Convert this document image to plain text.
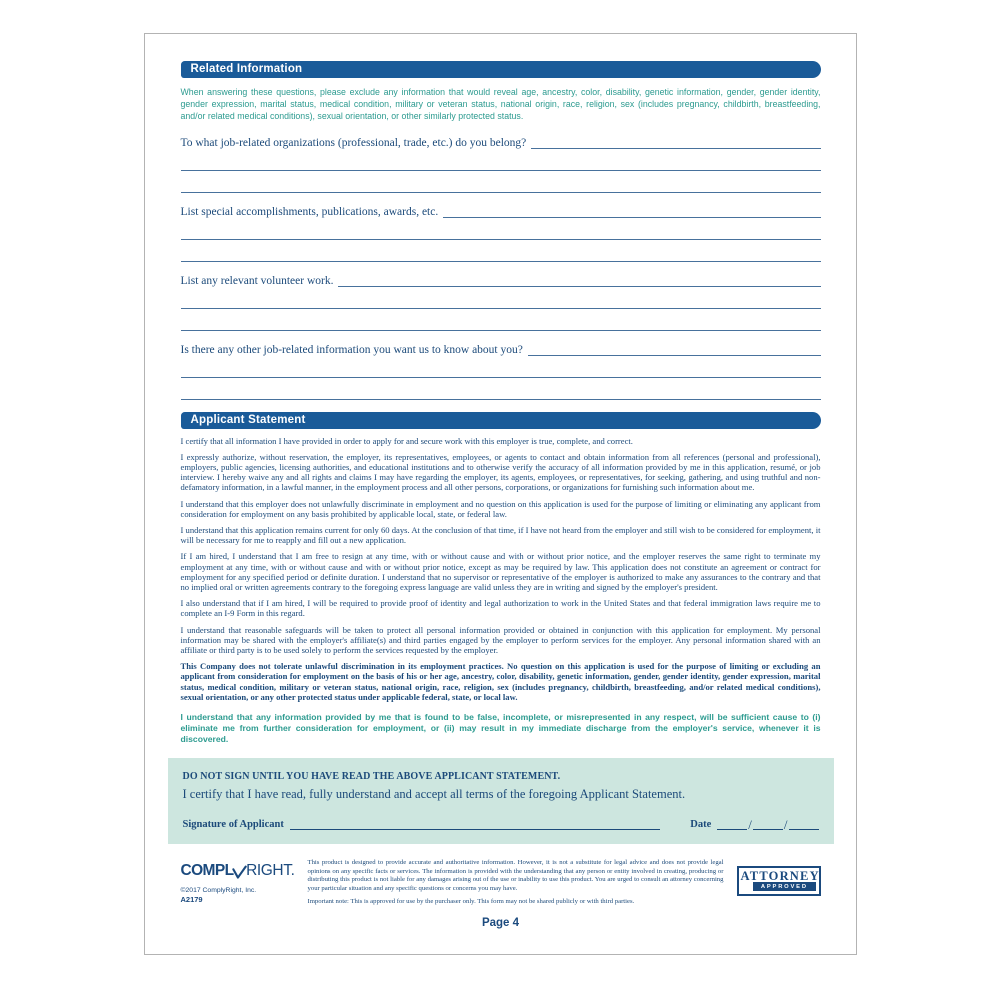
Related Information

When answering these questions, please exclude any information that would reveal age, ancestry, color, disability, genetic information, gender, gender identity, gender expression, marital status, medical condition, military or veteran status, national origin, race, religion, sex (includes pregnancy, childbirth, breastfeeding, and/or related medical conditions), sexual orientation, or other similarly protected status.

To what job-related organizations (professional, trade, etc.) do you belong?
List special accomplishments, publications, awards, etc.
List any relevant volunteer work.
Is there any other job-related information you want us to know about you?
Applicant Statement

I certify that all information I have provided in order to apply for and secure work with this employer is true, complete, and correct.

I expressly authorize, without reservation, the employer, its representatives, employees, or agents to contact and obtain information from all references (personal and professional), employers, public agencies, licensing authorities, and educational institutions and to otherwise verify the accuracy of all information provided by me in this application, resumé, or job interview. I hereby waive any and all rights and claims I may have regarding the employer, its agents, employees, or representatives, for seeking, gathering, and using truthful and non-defamatory information, in a lawful manner, in the employment process and all other persons, corporations, or organizations for furnishing such information about me.

I understand that this employer does not unlawfully discriminate in employment and no question on this application is used for the purpose of limiting or eliminating any applicant from consideration for employment on any basis prohibited by applicable local, state, or federal law.

I understand that this application remains current for only 60 days. At the conclusion of that time, if I have not heard from the employer and still wish to be considered for employment, it will be necessary for me to reapply and fill out a new application.

If I am hired, I understand that I am free to resign at any time, with or without cause and with or without prior notice, and the employer reserves the same right to terminate my employment at any time, with or without cause and with or without prior notice, except as may be required by law. This application does not constitute an agreement or contract for employment for any specified period or definite duration. I understand that no supervisor or representative of the employer is authorized to make any assurances to the contrary and that no implied oral or written agreements contrary to the foregoing express language are valid unless they are in writing and signed by the employer's president.

I also understand that if I am hired, I will be required to provide proof of identity and legal authorization to work in the United States and that federal immigration laws require me to complete an I-9 Form in this regard.

I understand that reasonable safeguards will be taken to protect all personal information provided or obtained in conjunction with this application for employment. My personal information may be shared with the employer's affiliate(s) and third parties engaged by the employer to perform services for the employer. Any personal information shared with an affiliate or third party is to be used solely to perform the services requested by the employer.

This Company does not tolerate unlawful discrimination in its employment practices. No question on this application is used for the purpose of limiting or excluding an applicant from consideration for employment on the basis of his or her age, ancestry, color, disability, genetic information, gender, gender identity, gender expression, marital status, medical condition, military or veteran status, national origin, race, religion, sex (includes pregnancy, childbirth, breastfeeding, and/or related medical conditions), sexual orientation, or any other protected status under applicable federal, state, or local law.

I understand that any information provided by me that is found to be false, incomplete, or misrepresented in any respect, will be sufficient cause to (i) eliminate me from further consideration for employment, or (ii) may result in my immediate discharge from the employer's service, whenever it is discovered.

DO NOT SIGN UNTIL YOU HAVE READ THE ABOVE APPLICANT STATEMENT.
I certify that I have read, fully understand and accept all terms of the foregoing Applicant Statement.
Signature of Applicant	Date	/ /
COMPL RIGHT.
©2017 ComplyRight, Inc.
A2179

This product is designed to provide accurate and authoritative information. However, it is not a substitute for legal advice and does not provide legal opinions on any specific facts or services. The information is provided with the understanding that any person or entity involved in creating, producing or distributing this product is not liable for any damages arising out of the use or inability to use this product. You are urged to consult an attorney concerning your particular situation and any specific questions or concerns you may have.

Important note: This is approved for use by the purchaser only. This form may not be shared publicly or with third parties.

ATTORNEY
APPROVED
Page 4
